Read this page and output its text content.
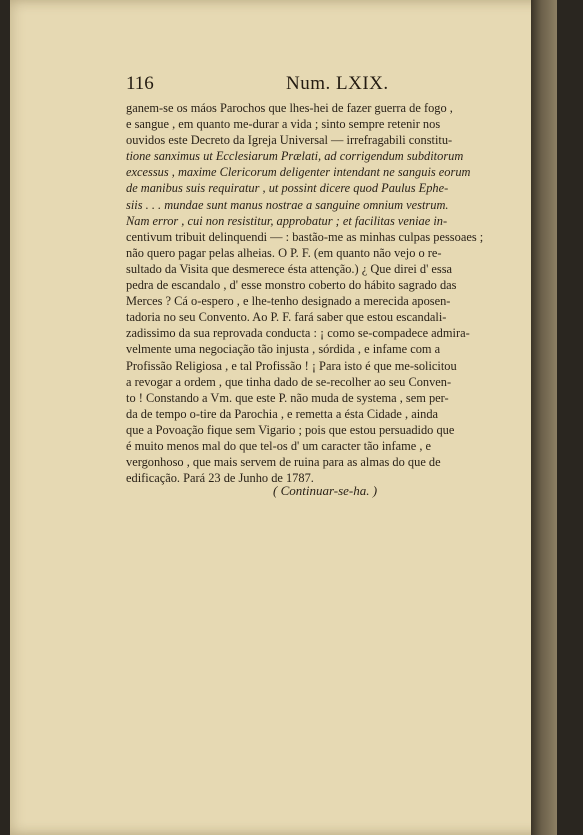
116	Num. LXIX.
ganem-se os máos Parochos que lhes-hei de fazer guerra de fogo ,
e sangue , em quanto me-durar a vida ; sinto sempre retenir nos
ouvidos este Decreto da Igreja Universal — irrefragabili constitu-
tione sanximus ut Ecclesiarum Prælati, ad corrigendum subditorum
excessus , maxime Clericorum deligenter intendant ne sanguis eorum
de manibus suis requiratur , ut possint dicere quod Paulus Ephe-
siis . . . mundae sunt manus nostrae a sanguine omnium vestrum.
Nam error , cui non resistitur, approbatur ; et facilitas veniae in-
centivum tribuit delinquendi — : bastão-me as minhas culpas pessoaes ;
não quero pagar pelas alheias. O P. F. (em quanto não vejo o re-
sultado da Visita que desmerece ésta attenção.) ¿ Que direi d' essa
pedra de escandalo , d' esse monstro coberto do hábito sagrado das
Merces ? Cá o-espero , e lhe-tenho designado a merecida aposen-
tadoria no seu Convento. Ao P. F. fará saber que estou escandali-
zadissimo da sua reprovada conducta : ¡ como se-compadece admira-
velmente uma negociação tão injusta , sórdida , e infame com a
Profissão Religiosa , e tal Profissão ! ¡ Para isto é que me-solicitou
a revogar a ordem , que tinha dado de se-recolher ao seu Conven-
to ! Constando a Vm. que este P. não muda de systema , sem per-
da de tempo o-tire da Parochia , e remetta a ésta Cidade , ainda
que a Povoação fique sem Vigario ; pois que estou persuadido que
é muito menos mal do que tel-os d' um caracter tão infame , e
vergonhoso , que mais servem de ruina para as almas do que de
edificação. Pará 23 de Junho de 1787.
( Continuar-se-ha. )
